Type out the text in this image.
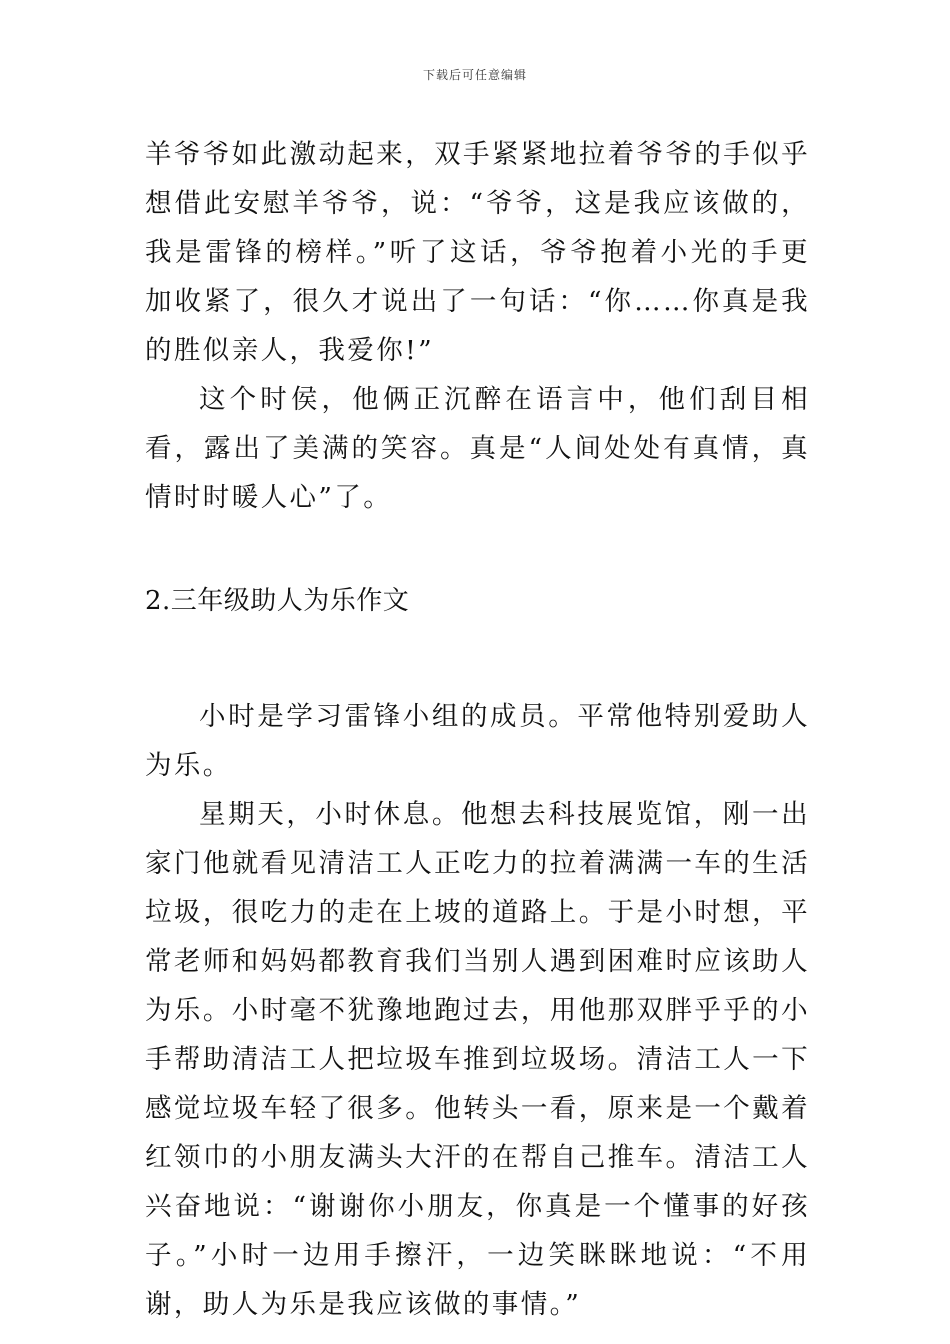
下载后可任意编辑

羊爷爷如此激动起来，双手紧紧地拉着爷爷的手似乎想借此安慰羊爷爷，说：“爷爷，这是我应该做的，我是雷锋的榜样。”听了这话，爷爷抱着小光的手更加收紧了，很久才说出了一句话：“你……你真是我的胜似亲人，我爱你!”

这个时侯，他俩正沉醉在语言中，他们刮目相看，露出了美满的笑容。真是“人间处处有真情，真情时时暖人心”了。

2.三年级助人为乐作文

小时是学习雷锋小组的成员。平常他特别爱助人为乐。

星期天，小时休息。他想去科技展览馆，刚一出家门他就看见清洁工人正吃力的拉着满满一车的生活垃圾，很吃力的走在上坡的道路上。于是小时想，平常老师和妈妈都教育我们当别人遇到困难时应该助人为乐。小时毫不犹豫地跑过去，用他那双胖乎乎的小手帮助清洁工人把垃圾车推到垃圾场。清洁工人一下感觉垃圾车轻了很多。他转头一看，原来是一个戴着红领巾的小朋友满头大汗的在帮自己推车。清洁工人兴奋地说：“谢谢你小朋友，你真是一个懂事的好孩子。”小时一边用手擦汗，一边笑眯眯地说：“不用谢，助人为乐是我应该做的事情。”
